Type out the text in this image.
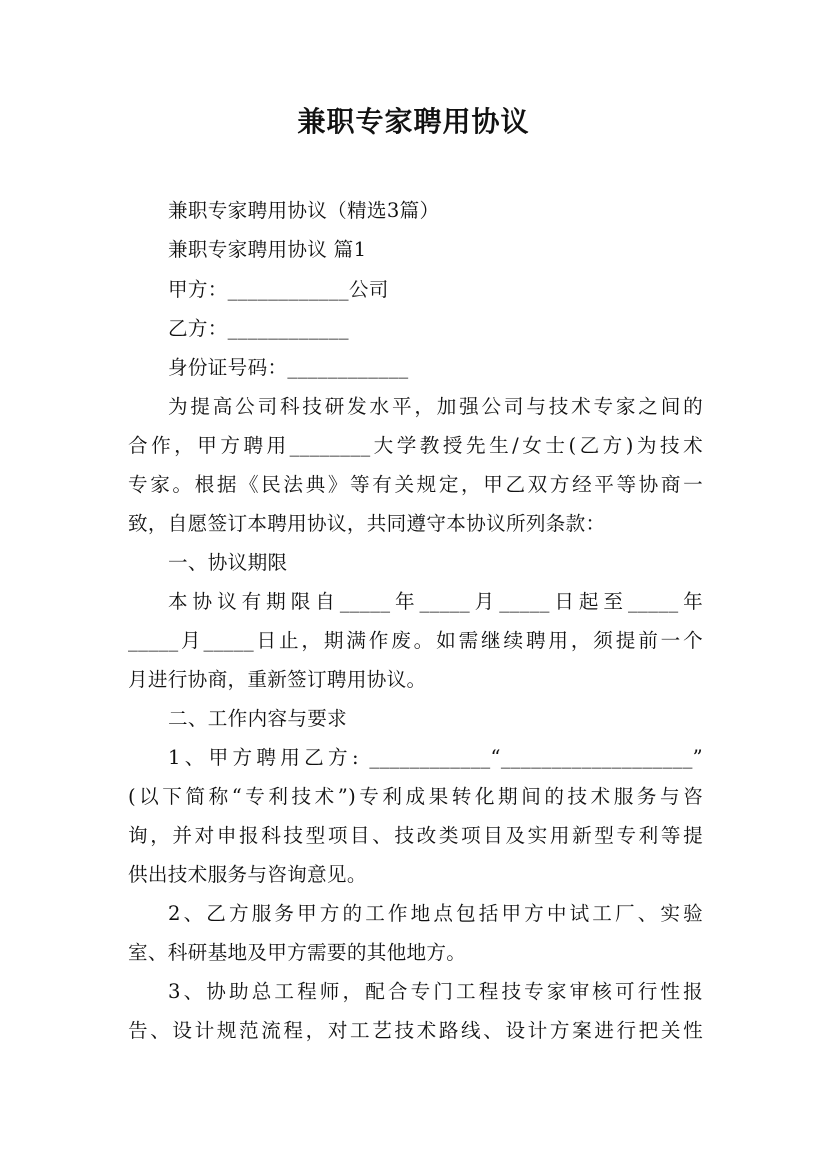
兼职专家聘用协议
兼职专家聘用协议（精选3篇）
兼职专家聘用协议 篇1
甲方：____________公司
乙方：____________
身份证号码：____________
为提高公司科技研发水平，加强公司与技术专家之间的
合作，甲方聘用________大学教授先生/女士(乙方)为技术
专家。根据《民法典》等有关规定，甲乙双方经平等协商一
致，自愿签订本聘用协议，共同遵守本协议所列条款：
一、协议期限
本协议有期限自_____年_____月_____日起至_____年
_____月_____日止，期满作废。如需继续聘用，须提前一个
月进行协商，重新签订聘用协议。
二、工作内容与要求
1、甲方聘用乙方: ____________“___________________”
(以下简称“专利技术”)专利成果转化期间的技术服务与咨
询，并对申报科技型项目、技改类项目及实用新型专利等提
供出技术服务与咨询意见。
2、乙方服务甲方的工作地点包括甲方中试工厂、实验
室、科研基地及甲方需要的其他地方。
3、协助总工程师，配合专门工程技专家审核可行性报
告、设计规范流程，对工艺技术路线、设计方案进行把关性
